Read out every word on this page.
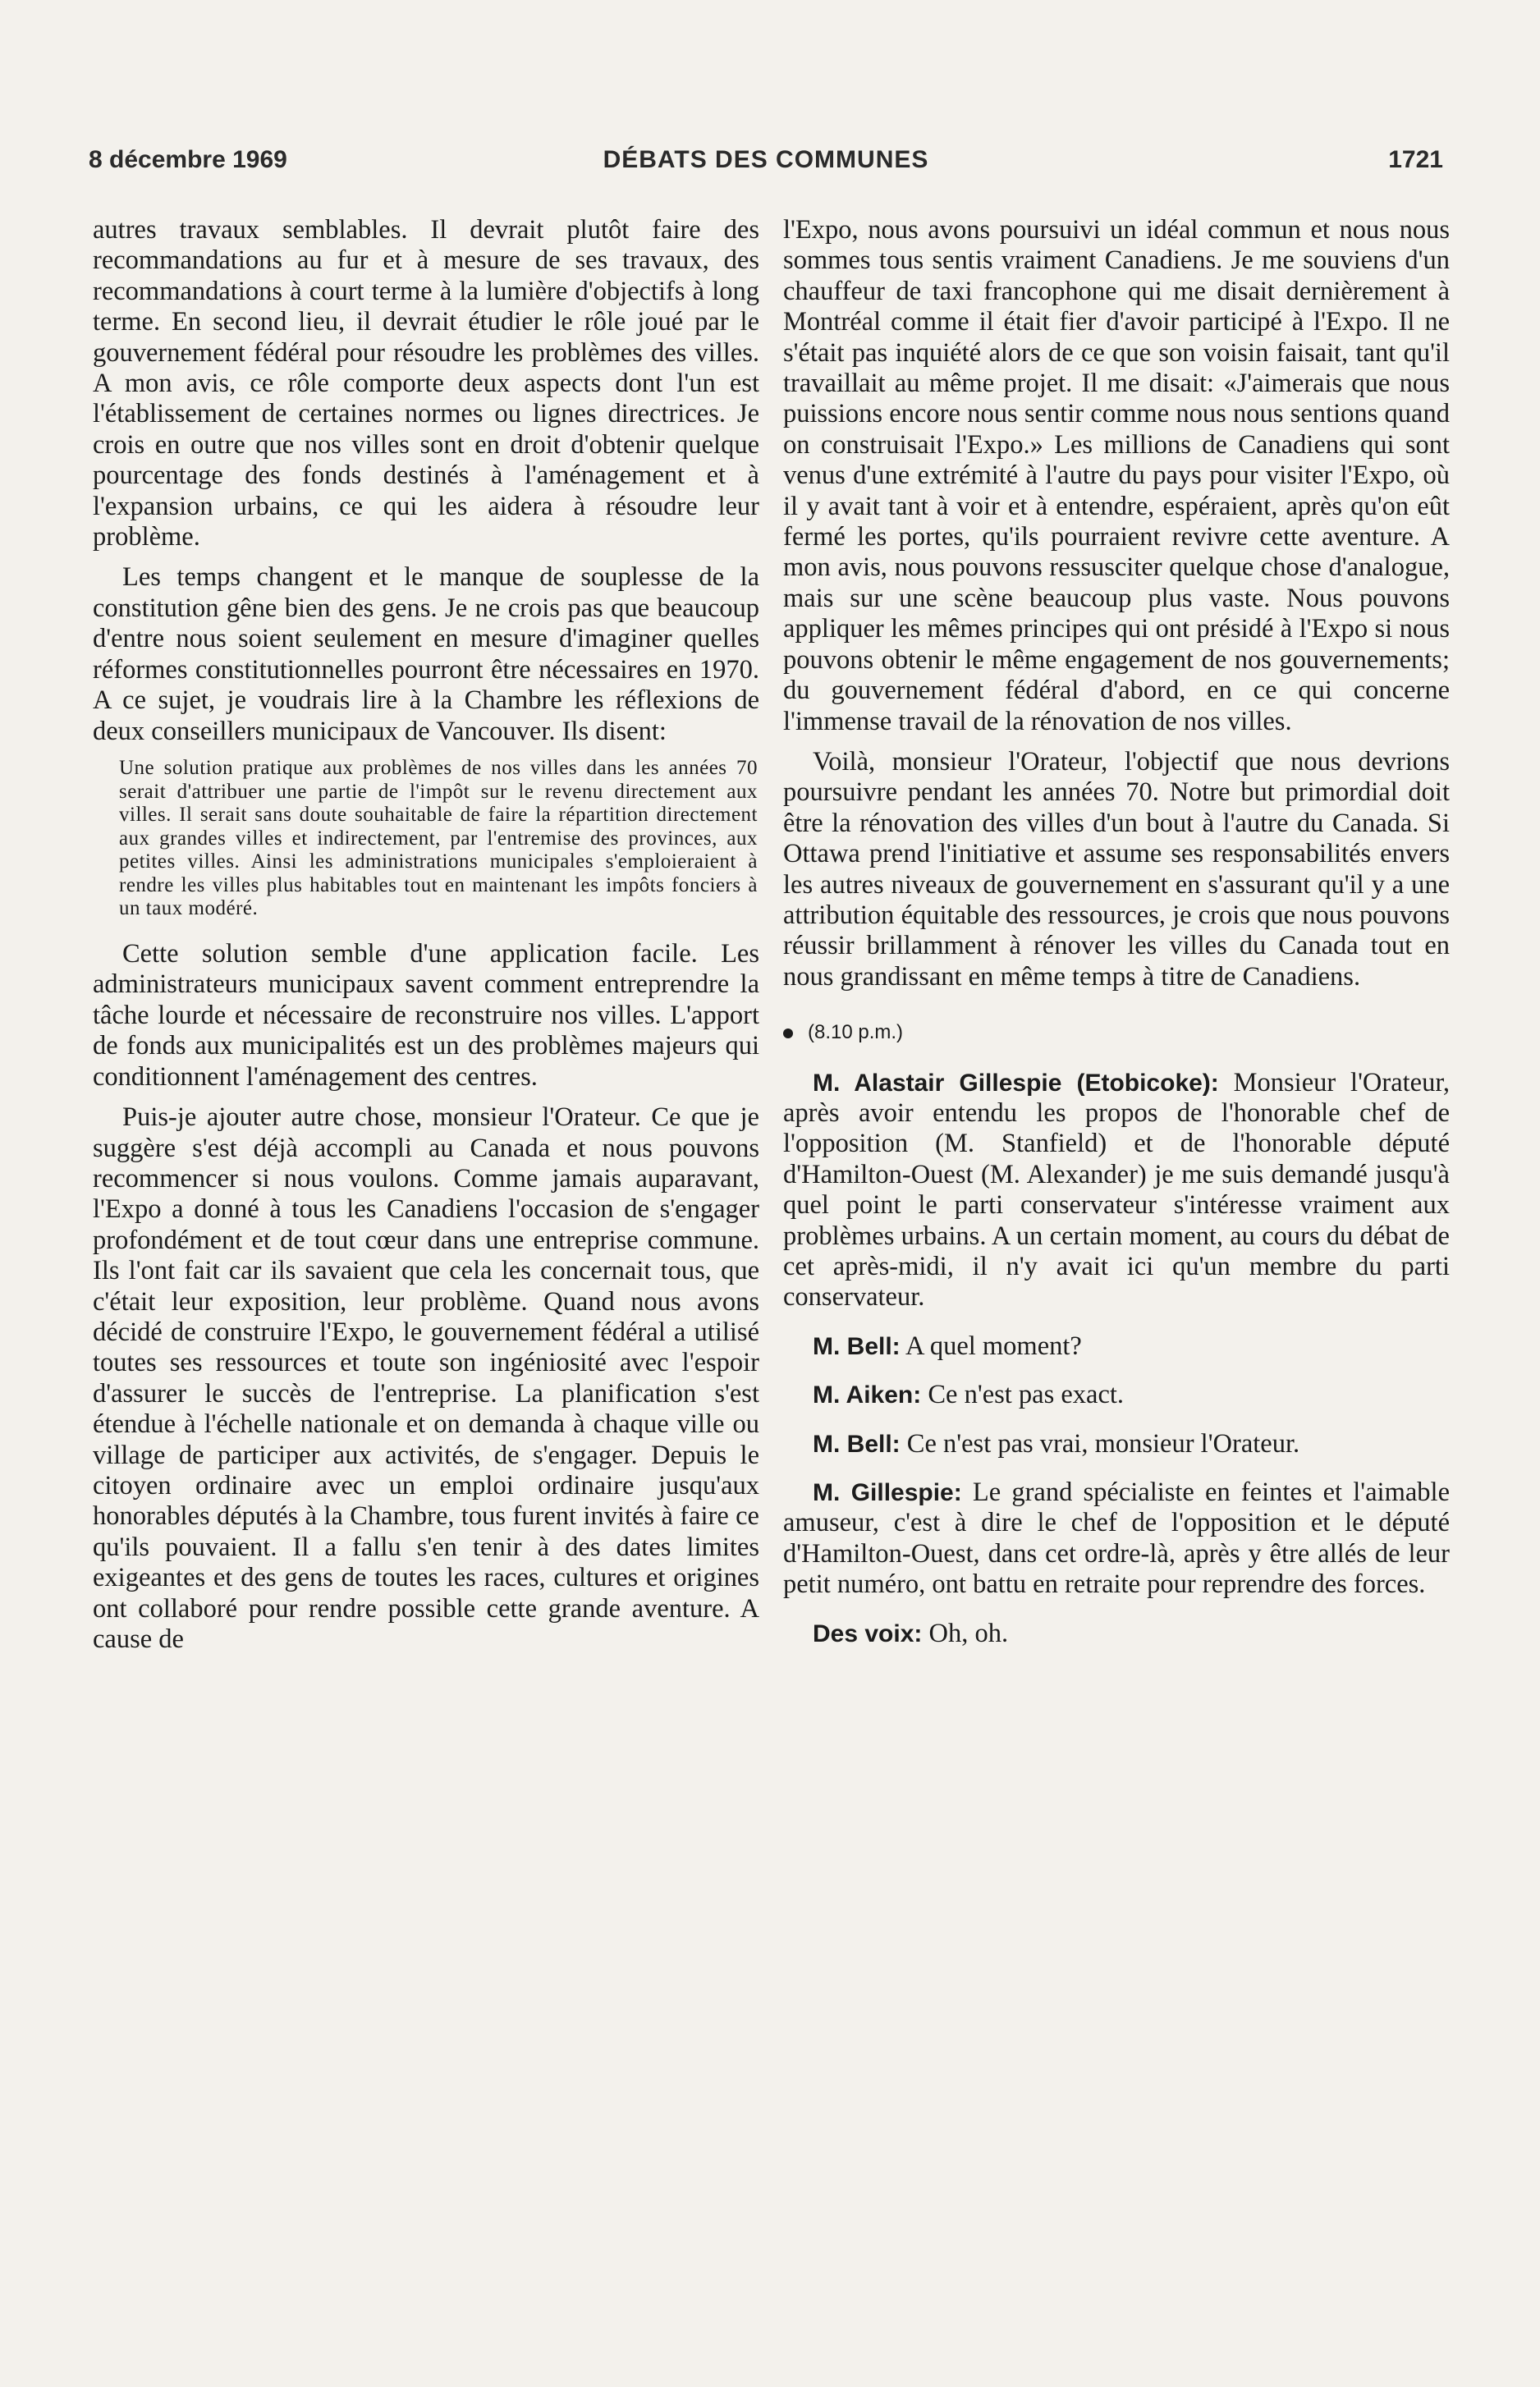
8 décembre 1969	DÉBATS DES COMMUNES	1721

autres travaux semblables. Il devrait plutôt faire des recommandations au fur et à mesure de ses travaux, des recommandations à court terme à la lumière d'objectifs à long terme. En second lieu, il devrait étudier le rôle joué par le gouvernement fédéral pour résoudre les problèmes des villes. A mon avis, ce rôle comporte deux aspects dont l'un est l'établissement de certaines normes ou lignes directrices. Je crois en outre que nos villes sont en droit d'obtenir quelque pourcentage des fonds destinés à l'aménagement et à l'expansion urbains, ce qui les aidera à résoudre leur problème.

Les temps changent et le manque de souplesse de la constitution gêne bien des gens. Je ne crois pas que beaucoup d'entre nous soient seulement en mesure d'imaginer quelles réformes constitutionnelles pourront être nécessaires en 1970. A ce sujet, je voudrais lire à la Chambre les réflexions de deux conseillers municipaux de Vancouver. Ils disent:

Une solution pratique aux problèmes de nos villes dans les années 70 serait d'attribuer une partie de l'impôt sur le revenu directement aux villes. Il serait sans doute souhaitable de faire la répartition directement aux grandes villes et indirectement, par l'entremise des provinces, aux petites villes. Ainsi les administrations municipales s'emploieraient à rendre les villes plus habitables tout en maintenant les impôts fonciers à un taux modéré.

Cette solution semble d'une application facile. Les administrateurs municipaux savent comment entreprendre la tâche lourde et nécessaire de reconstruire nos villes. L'apport de fonds aux municipalités est un des problèmes majeurs qui conditionnent l'aménagement des centres.

Puis-je ajouter autre chose, monsieur l'Orateur. Ce que je suggère s'est déjà accompli au Canada et nous pouvons recommencer si nous voulons. Comme jamais auparavant, l'Expo a donné à tous les Canadiens l'occasion de s'engager profondément et de tout cœur dans une entreprise commune. Ils l'ont fait car ils savaient que cela les concernait tous, que c'était leur exposition, leur problème. Quand nous avons décidé de construire l'Expo, le gouvernement fédéral a utilisé toutes ses ressources et toute son ingéniosité avec l'espoir d'assurer le succès de l'entreprise. La planification s'est étendue à l'échelle nationale et on demanda à chaque ville ou village de participer aux activités, de s'engager. Depuis le citoyen ordinaire avec un emploi ordinaire jusqu'aux honorables députés à la Chambre, tous furent invités à faire ce qu'ils pouvaient. Il a fallu s'en tenir à des dates limites exigeantes et des gens de toutes les races, cultures et origines ont collaboré pour rendre possible cette grande aventure. A cause de

l'Expo, nous avons poursuivi un idéal commun et nous nous sommes tous sentis vraiment Canadiens. Je me souviens d'un chauffeur de taxi francophone qui me disait dernièrement à Montréal comme il était fier d'avoir participé à l'Expo. Il ne s'était pas inquiété alors de ce que son voisin faisait, tant qu'il travaillait au même projet. Il me disait: «J'aimerais que nous puissions encore nous sentir comme nous nous sentions quand on construisait l'Expo.» Les millions de Canadiens qui sont venus d'une extrémité à l'autre du pays pour visiter l'Expo, où il y avait tant à voir et à entendre, espéraient, après qu'on eût fermé les portes, qu'ils pourraient revivre cette aventure. A mon avis, nous pouvons ressusciter quelque chose d'analogue, mais sur une scène beaucoup plus vaste. Nous pouvons appliquer les mêmes principes qui ont présidé à l'Expo si nous pouvons obtenir le même engagement de nos gouvernements; du gouvernement fédéral d'abord, en ce qui concerne l'immense travail de la rénovation de nos villes.

Voilà, monsieur l'Orateur, l'objectif que nous devrions poursuivre pendant les années 70. Notre but primordial doit être la rénovation des villes d'un bout à l'autre du Canada. Si Ottawa prend l'initiative et assume ses responsabilités envers les autres niveaux de gouvernement en s'assurant qu'il y a une attribution équitable des ressources, je crois que nous pouvons réussir brillamment à rénover les villes du Canada tout en nous grandissant en même temps à titre de Canadiens.

(8.10 p.m.)

M. Alastair Gillespie (Etobicoke): Monsieur l'Orateur, après avoir entendu les propos de l'honorable chef de l'opposition (M. Stanfield) et de l'honorable député d'Hamilton-Ouest (M. Alexander) je me suis demandé jusqu'à quel point le parti conservateur s'intéresse vraiment aux problèmes urbains. A un certain moment, au cours du débat de cet après-midi, il n'y avait ici qu'un membre du parti conservateur.

M. Bell: A quel moment?

M. Aiken: Ce n'est pas exact.

M. Bell: Ce n'est pas vrai, monsieur l'Orateur.

M. Gillespie: Le grand spécialiste en feintes et l'aimable amuseur, c'est à dire le chef de l'opposition et le député d'Hamilton-Ouest, dans cet ordre-là, après y être allés de leur petit numéro, ont battu en retraite pour reprendre des forces.

Des voix: Oh, oh.
